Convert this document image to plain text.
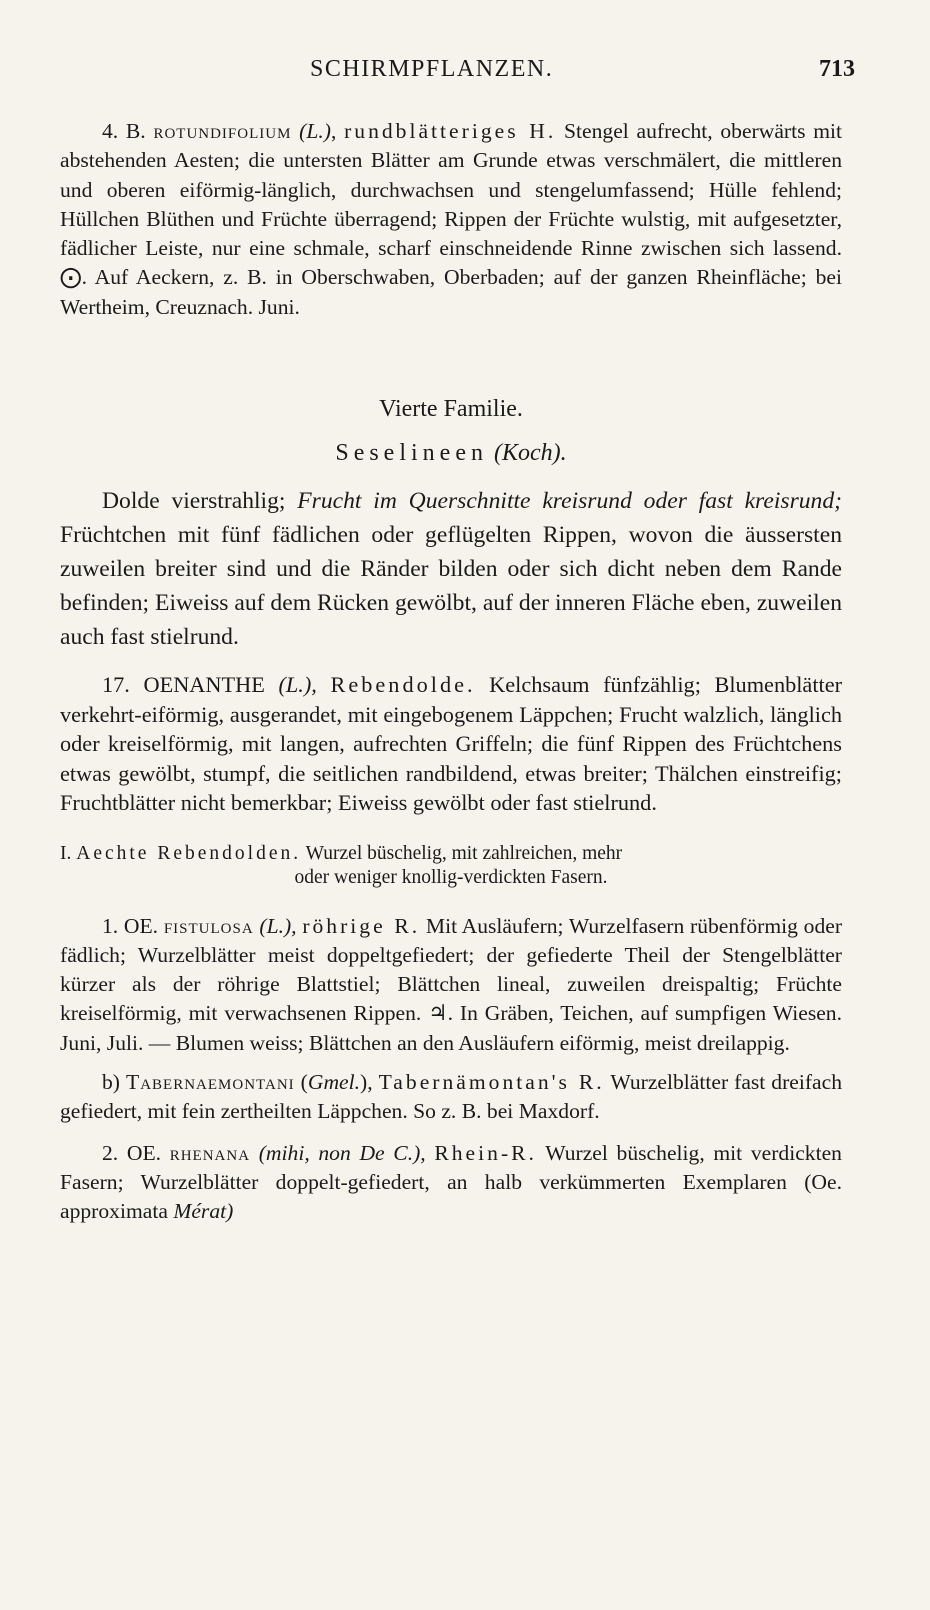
SCHIRMPFLANZEN.	713

4. B. rotundifolium (L.), rundblätteriges H. Stengel aufrecht, oberwärts mit abstehenden Aesten; die untersten Blätter am Grunde etwas verschmälert, die mittleren und oberen eiförmig-länglich, durchwachsen und stengelumfassend; Hülle fehlend; Hüllchen Blüthen und Früchte überragend; Rippen der Früchte wulstig, mit aufgesetzter, fädlicher Leiste, nur eine schmale, scharf einschneidende Rinne zwischen sich lassend. ⨀. Auf Aeckern, z. B. in Oberschwaben, Oberbaden; auf der ganzen Rheinfläche; bei Wertheim, Creuznach. Juni.

Vierte Familie.

Seselineen (Koch).

Dolde vierstrahlig; Frucht im Querschnitte kreisrund oder fast kreisrund; Früchtchen mit fünf fädlichen oder geflügelten Rippen, wovon die äussersten zuweilen breiter sind und die Ränder bilden oder sich dicht neben dem Rande befinden; Eiweiss auf dem Rücken gewölbt, auf der inneren Fläche eben, zuweilen auch fast stielrund.

17. OENANTHE (L.), Rebendolde. Kelchsaum fünfzählig; Blumenblätter verkehrt-eiförmig, ausgerandet, mit eingebogenem Läppchen; Frucht walzlich, länglich oder kreiselförmig, mit langen, aufrechten Griffeln; die fünf Rippen des Früchtchens etwas gewölbt, stumpf, die seitlichen randbildend, etwas breiter; Thälchen einstreifig; Fruchtblätter nicht bemerkbar; Eiweiss gewölbt oder fast stielrund.

I. Aechte Rebendolden. Wurzel büschelig, mit zahlreichen, mehr
oder weniger knollig-verdickten Fasern.

1. OE. fistulosa (L.), röhrige R. Mit Ausläufern; Wurzelfasern rübenförmig oder fädlich; Wurzelblätter meist doppeltgefiedert; der gefiederte Theil der Stengelblätter kürzer als der röhrige Blattstiel; Blättchen lineal, zuweilen dreispaltig; Früchte kreiselförmig, mit verwachsenen Rippen. ♃. In Gräben, Teichen, auf sumpfigen Wiesen. Juni, Juli. — Blumen weiss; Blättchen an den Ausläufern eiförmig, meist dreilappig.

b) Tabernaemontani (Gmel.), Tabernämontan's R. Wurzelblätter fast dreifach gefiedert, mit fein zertheilten Läppchen. So z. B. bei Maxdorf.

2. OE. rhenana (mihi, non De C.), Rhein-R. Wurzel büschelig, mit verdickten Fasern; Wurzelblätter doppelt-gefiedert, an halb verkümmerten Exemplaren (Oe. approximata Mérat)
